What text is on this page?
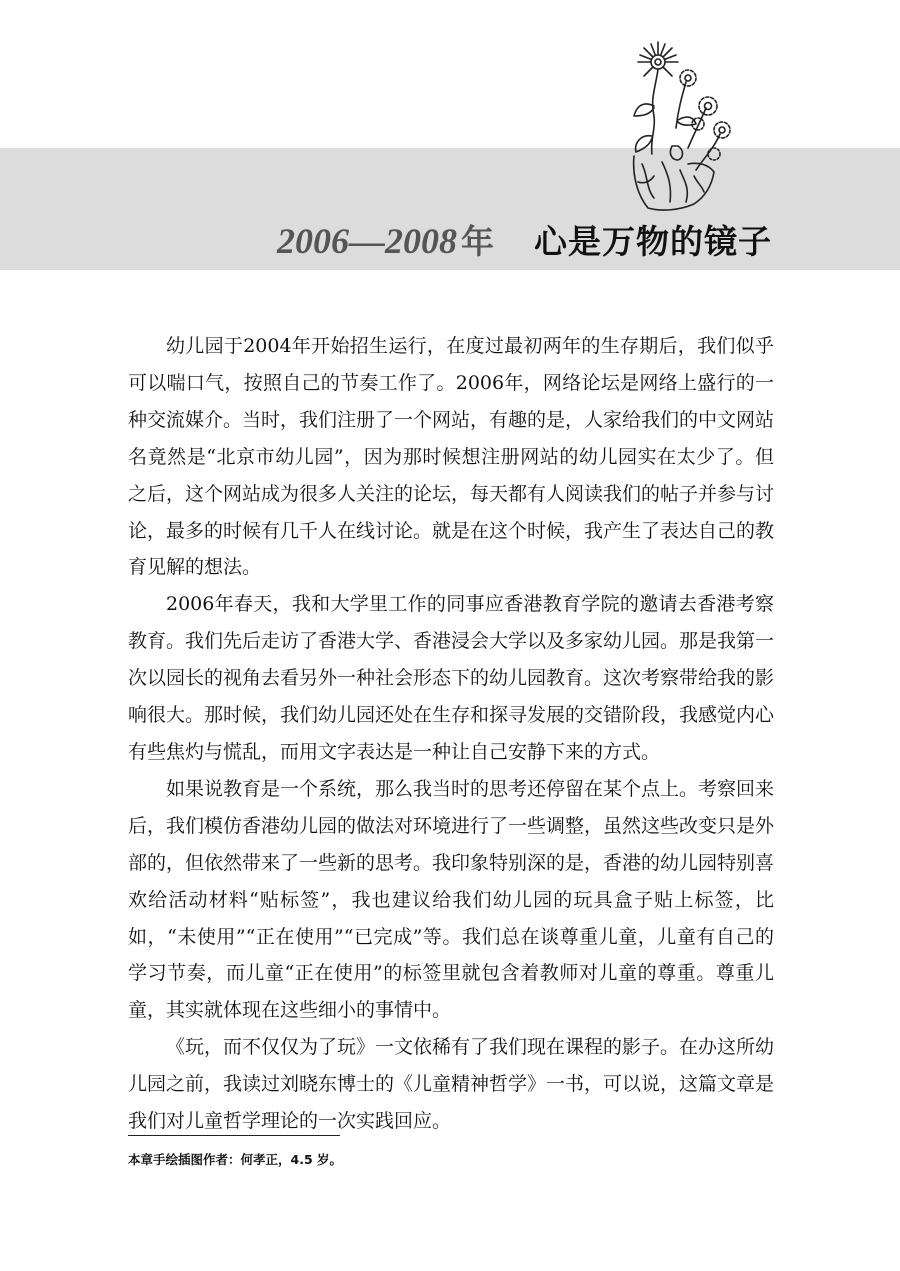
2006—2008 年 心是万物的镜子

幼儿园于2004年开始招生运行，在度过最初两年的生存期后，我们似乎可以喘口气，按照自己的节奏工作了。2006年，网络论坛是网络上盛行的一种交流媒介。当时，我们注册了一个网站，有趣的是，人家给我们的中文网站名竟然是“北京市幼儿园”，因为那时候想注册网站的幼儿园实在太少了。但之后，这个网站成为很多人关注的论坛，每天都有人阅读我们的帖子并参与讨论，最多的时候有几千人在线讨论。就是在这个时候，我产生了表达自己的教育见解的想法。

2006年春天，我和大学里工作的同事应香港教育学院的邀请去香港考察教育。我们先后走访了香港大学、香港浸会大学以及多家幼儿园。那是我第一次以园长的视角去看另外一种社会形态下的幼儿园教育。这次考察带给我的影响很大。那时候，我们幼儿园还处在生存和探寻发展的交错阶段，我感觉内心有些焦灼与慌乱，而用文字表达是一种让自己安静下来的方式。

如果说教育是一个系统，那么我当时的思考还停留在某个点上。考察回来后，我们模仿香港幼儿园的做法对环境进行了一些调整，虽然这些改变只是外部的，但依然带来了一些新的思考。我印象特别深的是，香港的幼儿园特别喜欢给活动材料“贴标签”，我也建议给我们幼儿园的玩具盒子贴上标签，比如，“未使用”“正在使用”“已完成”等。我们总在谈尊重儿童，儿童有自己的学习节奏，而儿童“正在使用”的标签里就包含着教师对儿童的尊重。尊重儿童，其实就体现在这些细小的事情中。

《玩，而不仅仅为了玩》一文依稀有了我们现在课程的影子。在办这所幼儿园之前，我读过刘晓东博士的《儿童精神哲学》一书，可以说，这篇文章是我们对儿童哲学理论的一次实践回应。

本章手绘插图作者：何孝正，4.5 岁。
